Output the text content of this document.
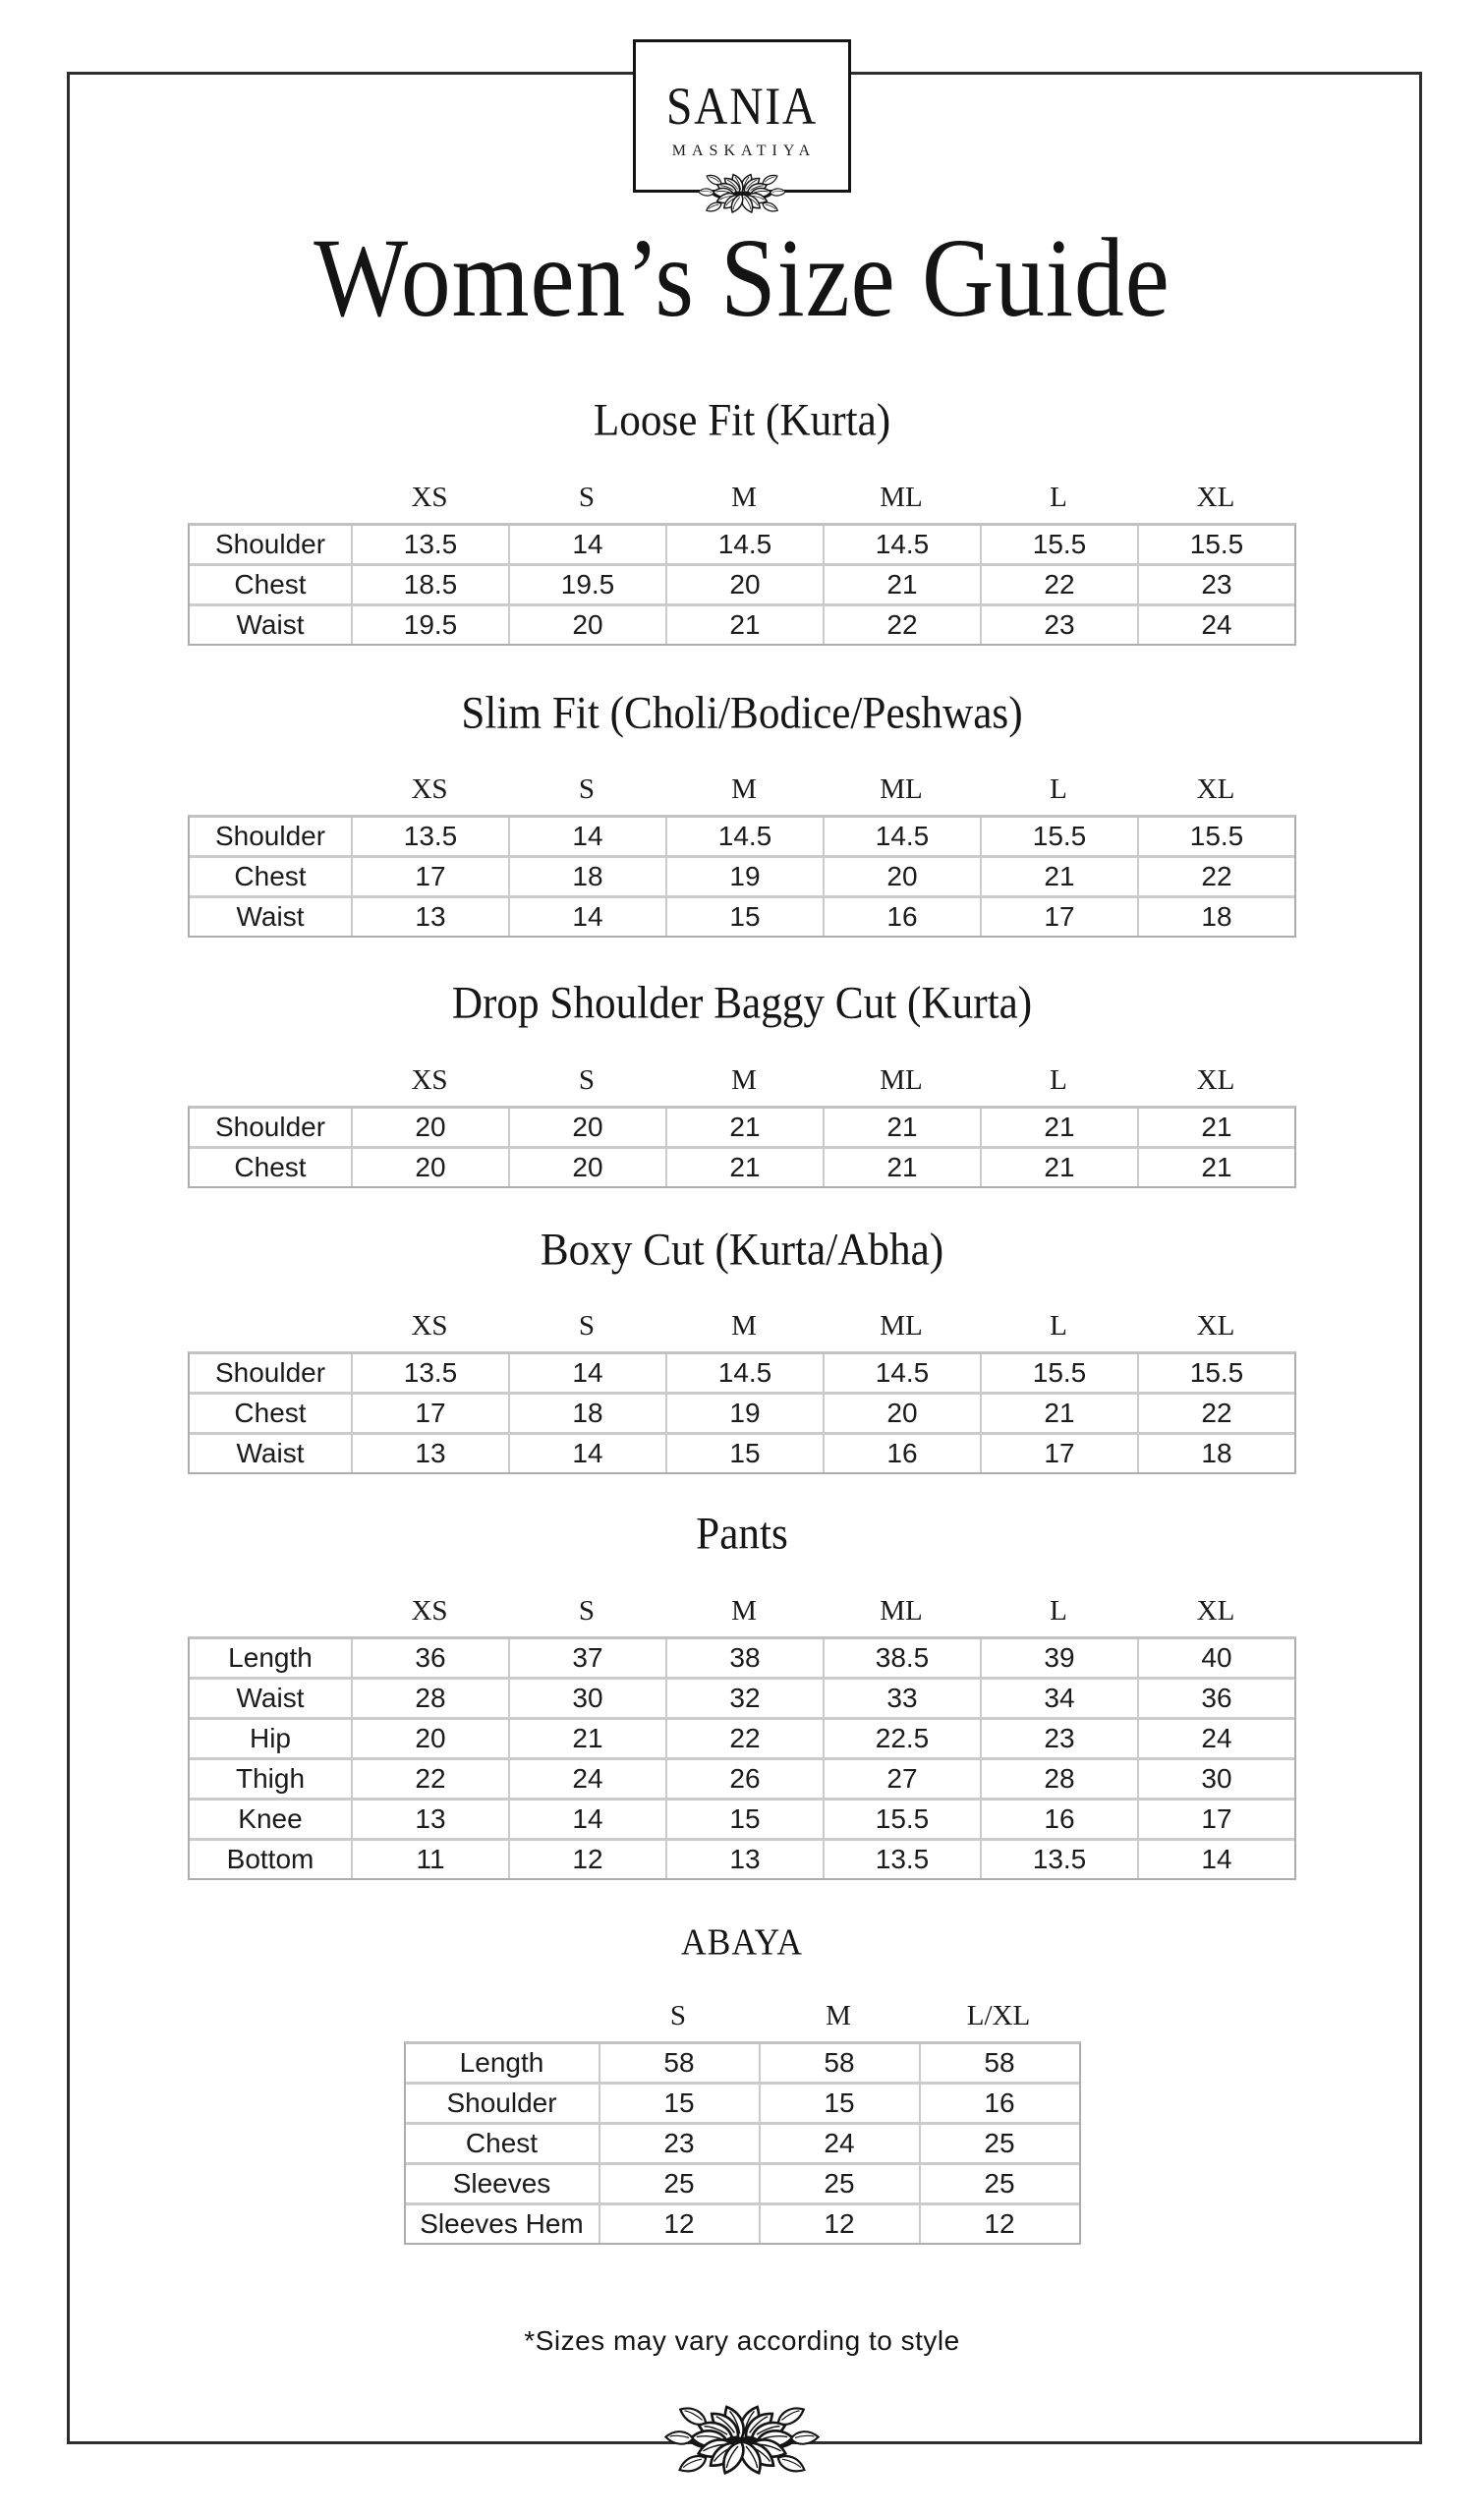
SANIA
MASKATIYA
Women’s Size Guide
Loose Fit (Kurta)
XS	S	M	ML	L	XL
Shoulder	13.5	14	14.5	14.5	15.5	15.5
Chest	18.5	19.5	20	21	22	23
Waist	19.5	20	21	22	23	24
Slim Fit (Choli/Bodice/Peshwas)
XS	S	M	ML	L	XL
Shoulder	13.5	14	14.5	14.5	15.5	15.5
Chest	17	18	19	20	21	22
Waist	13	14	15	16	17	18
Drop Shoulder Baggy Cut (Kurta)
XS	S	M	ML	L	XL
Shoulder	20	20	21	21	21	21
Chest	20	20	21	21	21	21
Boxy Cut (Kurta/Abha)
XS	S	M	ML	L	XL
Shoulder	13.5	14	14.5	14.5	15.5	15.5
Chest	17	18	19	20	21	22
Waist	13	14	15	16	17	18
Pants
XS	S	M	ML	L	XL
Length	36	37	38	38.5	39	40
Waist	28	30	32	33	34	36
Hip	20	21	22	22.5	23	24
Thigh	22	24	26	27	28	30
Knee	13	14	15	15.5	16	17
Bottom	11	12	13	13.5	13.5	14
ABAYA
S	M	L/XL
Length	58	58	58
Shoulder	15	15	16
Chest	23	24	25
Sleeves	25	25	25
Sleeves Hem	12	12	12

*Sizes may vary according to style
